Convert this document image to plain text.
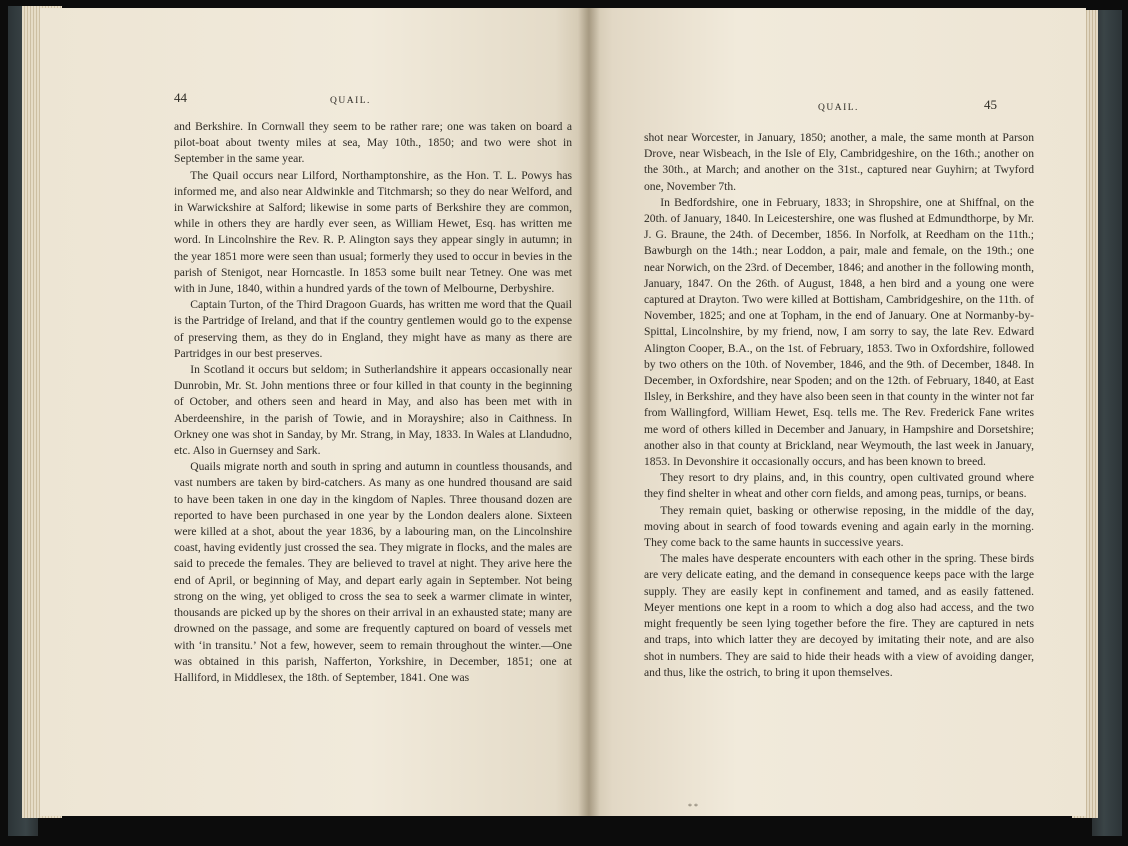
44	QUAIL.

and Berkshire. In Cornwall they seem to be rather rare; one was taken on board a pilot-boat about twenty miles at sea, May 10th., 1850; and two were shot in September in the same year.

The Quail occurs near Lilford, Northamptonshire, as the Hon. T. L. Powys has informed me, and also near Aldwinkle and Titchmarsh; so they do near Welford, and in Warwickshire at Salford; likewise in some parts of Berkshire they are common, while in others they are hardly ever seen, as William Hewet, Esq. has written me word. In Lincolnshire the Rev. R. P. Alington says they appear singly in autumn; in the year 1851 more were seen than usual; formerly they used to occur in bevies in the parish of Stenigot, near Horncastle. In 1853 some built near Tetney. One was met with in June, 1840, within a hundred yards of the town of Melbourne, Derbyshire.

Captain Turton, of the Third Dragoon Guards, has written me word that the Quail is the Partridge of Ireland, and that if the country gentlemen would go to the expense of preserving them, as they do in England, they might have as many as there are Partridges in our best preserves.

In Scotland it occurs but seldom; in Sutherlandshire it appears occasionally near Dunrobin, Mr. St. John mentions three or four killed in that county in the beginning of October, and others seen and heard in May, and also has been met with in Aberdeenshire, in the parish of Towie, and in Morayshire; also in Caithness. In Orkney one was shot in Sanday, by Mr. Strang, in May, 1833. In Wales at Llandudno, etc. Also in Guernsey and Sark.

Quails migrate north and south in spring and autumn in countless thousands, and vast numbers are taken by bird-catchers. As many as one hundred thousand are said to have been taken in one day in the kingdom of Naples. Three thousand dozen are reported to have been purchased in one year by the London dealers alone. Sixteen were killed at a shot, about the year 1836, by a labouring man, on the Lincolnshire coast, having evidently just crossed the sea. They migrate in flocks, and the males are said to precede the females. They are believed to travel at night. They arive here the end of April, or beginning of May, and depart early again in September. Not being strong on the wing, yet obliged to cross the sea to seek a warmer climate in winter, thousands are picked up by the shores on their arrival in an exhausted state; many are drowned on the passage, and some are frequently captured on board of vessels met with ‘in transitu.’ Not a few, however, seem to remain throughout the winter.—One was obtained in this parish, Nafferton, Yorkshire, in December, 1851; one at Halliford, in Middlesex, the 18th. of September, 1841. One was

QUAIL.	45

shot near Worcester, in January, 1850; another, a male, the same month at Parson Drove, near Wisbeach, in the Isle of Ely, Cambridgeshire, on the 16th.; another on the 30th., at March; and another on the 31st., captured near Guyhirn; at Twyford one, November 7th.

In Bedfordshire, one in February, 1833; in Shropshire, one at Shiffnal, on the 20th. of January, 1840. In Leicestershire, one was flushed at Edmundthorpe, by Mr. J. G. Braune, the 24th. of December, 1856. In Norfolk, at Reedham on the 11th.; Bawburgh on the 14th.; near Loddon, a pair, male and female, on the 19th.; one near Norwich, on the 23rd. of December, 1846; and another in the following month, January, 1847. On the 26th. of August, 1848, a hen bird and a young one were captured at Drayton. Two were killed at Bottisham, Cambridgeshire, on the 11th. of November, 1825; and one at Topham, in the end of January. One at Normanby-by-Spittal, Lincolnshire, by my friend, now, I am sorry to say, the late Rev. Edward Alington Cooper, B.A., on the 1st. of February, 1853. Two in Oxfordshire, followed by two others on the 10th. of November, 1846, and the 9th. of December, 1848. In December, in Oxfordshire, near Spoden; and on the 12th. of February, 1840, at East Ilsley, in Berkshire, and they have also been seen in that county in the winter not far from Wallingford, William Hewet, Esq. tells me. The Rev. Frederick Fane writes me word of others killed in December and January, in Hampshire and Dorsetshire; another also in that county at Brickland, near Weymouth, the last week in January, 1853. In Devonshire it occasionally occurs, and has been known to breed.

They resort to dry plains, and, in this country, open cultivated ground where they find shelter in wheat and other corn fields, and among peas, turnips, or beans.

They remain quiet, basking or otherwise reposing, in the middle of the day, moving about in search of food towards evening and again early in the morning. They come back to the same haunts in successive years.

The males have desperate encounters with each other in the spring. These birds are very delicate eating, and the demand in consequence keeps pace with the large supply. They are easily kept in confinement and tamed, and as easily fattened. Meyer mentions one kept in a room to which a dog also had access, and the two might frequently be seen lying together before the fire. They are captured in nets and traps, into which latter they are decoyed by imitating their note, and are also shot in numbers. They are said to hide their heads with a view of avoiding danger, and thus, like the ostrich, to bring it upon themselves.

* *
